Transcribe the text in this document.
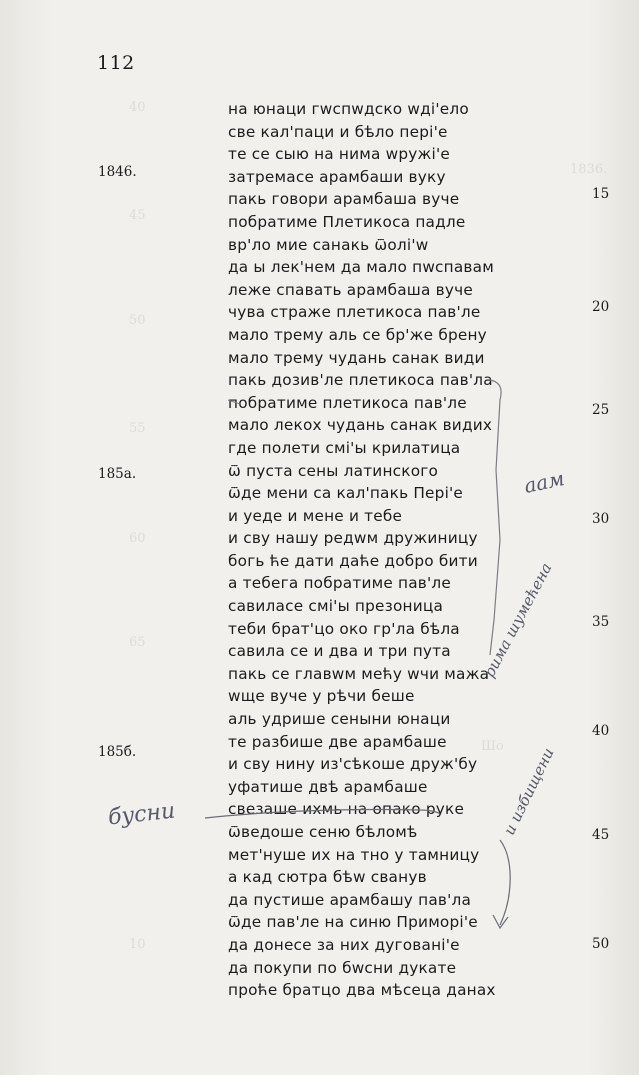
40
1836.
45
50
55
60
65
10
Шо
112
1846.
185a.
185б.
на юнаци гwспwдско wдi'ело
све кал'паци и бѣло перi'е
те се сыю на нима wружi'е
затремасе арамбаши вуку
пакь говори арамбаша вуче
побратиме Плетикоса падле
вр'ло мие санакь ѿолi'w
да ы лек'нем да мало пwспавам
леже спавать арамбаша вуче
чува страже плетикоса пав'ле
мало трему аль се бр'же брену
мало трему чудань санак види
пакь дозив'ле плетикоса пав'ла
побратиме плетикоса пав'ле
мало лекох чудань санак видих
где полети смi'ы крилатица
ѿ пуста сены латинского
ѿде мени са кал'пакь Перi'е
и уеде и мене и тебе
и сву нашу редwм дружиницу
богь ће дати даће добро бити
а тебега побратиме пав'ле
савиласе смi'ы презоница
теби брат'цо око гр'ла бѣла
савила се и два и три пута
пакь се главwм мећу wчи мажа
wще вуче у рѣчи беше
аль удрише сеныни юнаци
те разбише две арамбаше
и сву нину из'сѣкоше друж'бу
уфатише двѣ арамбаше
свезаше ихмь на опако руке
ѿведоше сеню бѣломѣ
мет'нуше их на тно у тамницу
а кад сютра бѣw сванув
да пустише арамбашу пав'ла
ѿде пав'ле на синю Приморi'е
да донесе за них дуговані'е
да покупи по бwсни дукате
проће братцо два мѣсеца данах
15
20
25
30
35
40
45
50
аам
рима шумећена
и избищени
бусни
